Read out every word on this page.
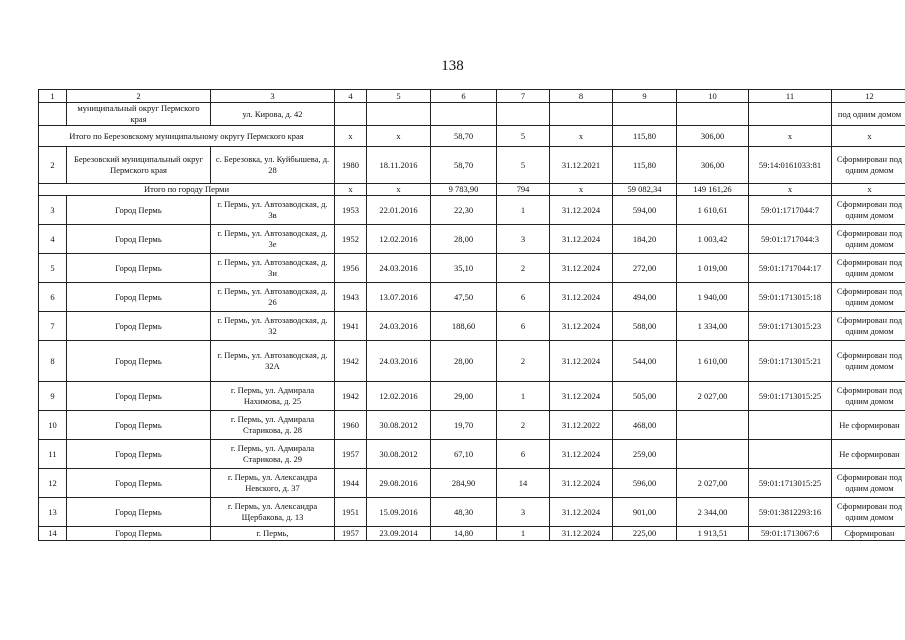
138
1	2	3	4	5	6	7	8	9	10	11	12
	муниципальный округ Пермского края	ул. Кирова, д. 42									под одним домом
Итого по Березовскому муниципальному округу Пермского края			x	x	58,70	5	x	115,80	306,00	x	x
2	Березовский муниципальный округ Пермского края	с. Березовка, ул. Куйбышева, д. 28	1980	18.11.2016	58,70	5	31.12.2021	115,80	306,00	59:14:0161033:81	Сформирован под одним домом
Итого по городу Перми			x	x	9 783,90	794	x	59 082,34	149 161,26	x	x
3	Город Пермь	г. Пермь, ул. Автозаводская, д. 3в	1953	22.01.2016	22,30	1	31.12.2024	594,00	1 610,61	59:01:1717044:7	Сформирован под одним домом
4	Город Пермь	г. Пермь, ул. Автозаводская, д. 3е	1952	12.02.2016	28,00	3	31.12.2024	184,20	1 003,42	59:01:1717044:3	Сформирован под одним домом
5	Город Пермь	г. Пермь, ул. Автозаводская, д. 3и	1956	24.03.2016	35,10	2	31.12.2024	272,00	1 019,00	59:01:1717044:17	Сформирован под одним домом
6	Город Пермь	г. Пермь, ул. Автозаводская, д. 26	1943	13.07.2016	47,50	6	31.12.2024	494,00	1 940,00	59:01:1713015:18	Сформирован под одним домом
7	Город Пермь	г. Пермь, ул. Автозаводская, д. 32	1941	24.03.2016	188,60	6	31.12.2024	588,00	1 334,00	59:01:1713015:23	Сформирован под одним домом
8	Город Пермь	г. Пермь, ул. Автозаводская, д. 32А	1942	24.03.2016	28,00	2	31.12.2024	544,00	1 610,00	59:01:1713015:21	Сформирован под одним домом
9	Город Пермь	г. Пермь, ул. Адмирала Нахимова, д. 25	1942	12.02.2016	29,00	1	31.12.2024	505,00	2 027,00	59:01:1713015:25	Сформирован под одним домом
10	Город Пермь	г. Пермь, ул. Адмирала Старикова, д. 28	1960	30.08.2012	19,70	2	31.12.2022	468,00			Не сформирован
11	Город Пермь	г. Пермь, ул. Адмирала Старикова, д. 29	1957	30.08.2012	67,10	6	31.12.2024	259,00			Не сформирован
12	Город Пермь	г. Пермь, ул. Александра Невского, д. 37	1944	29.08.2016	284,90	14	31.12.2024	596,00	2 027,00	59:01:1713015:25	Сформирован под одним домом
13	Город Пермь	г. Пермь, ул. Александра Щербакова, д. 13	1951	15.09.2016	48,30	3	31.12.2024	901,00	2 344,00	59:01:3812293:16	Сформирован под одним домом
14	Город Пермь	г. Пермь,	1957	23.09.2014	14,80	1	31.12.2024	225,00	1 913,51	59:01:1713067:6	Сформирован
